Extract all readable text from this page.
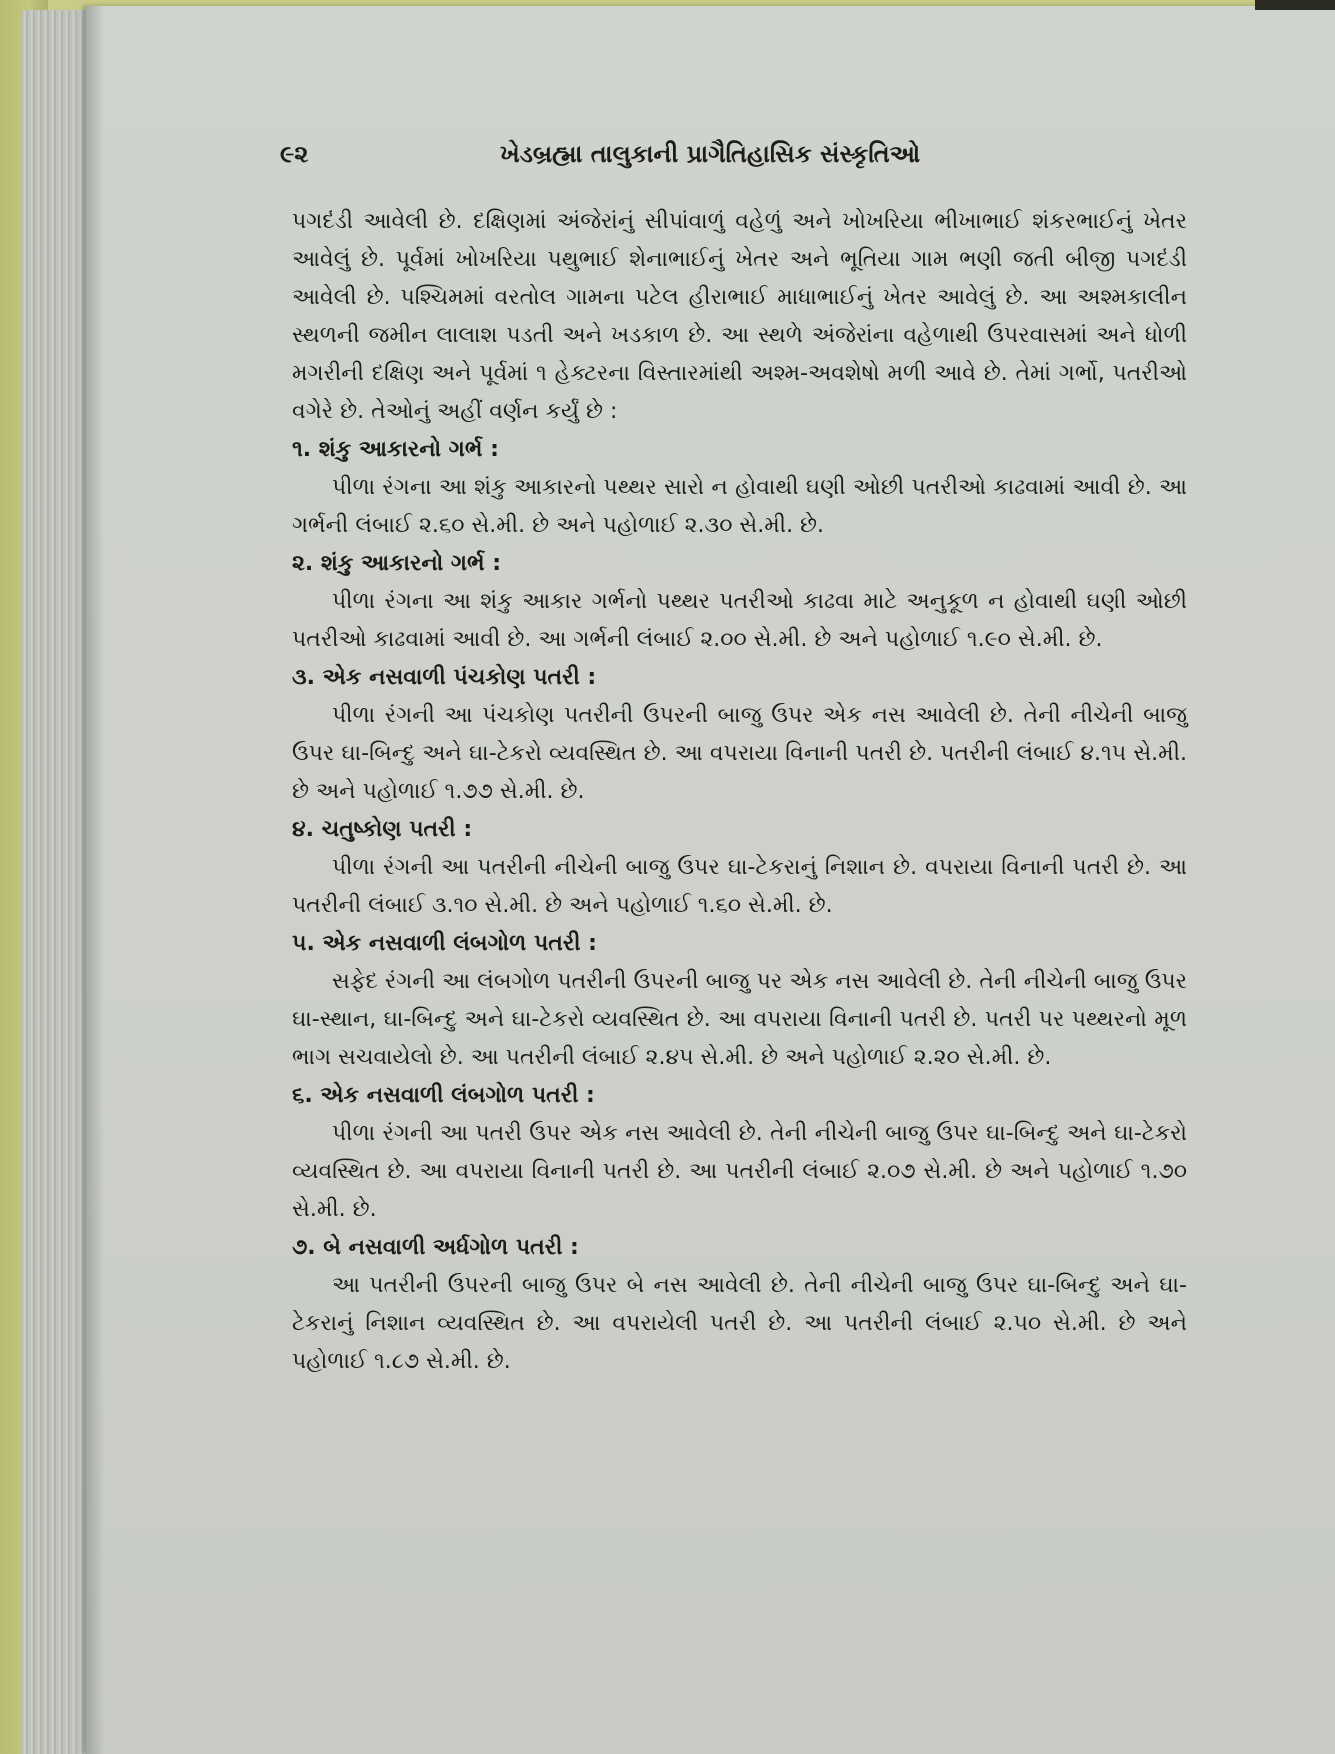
૯૨	ખેડબ્રહ્મા તાલુકાની પ્રાગૈતિહાસિક સંસ્કૃતિઓ

પગદંડી આવેલી છે. દક્ષિણમાં અંજેરાંનું સીપાંવાળું વહેળું અને ખોખરિયા ભીખાભાઈ શંકરભાઈનું ખેતર આવેલું છે. પૂર્વમાં ખોખરિયા પથુભાઈ શેનાભાઈનું ખેતર અને ભૂતિયા ગામ ભણી જતી બીજી પગદંડી આવેલી છે. પશ્ચિમમાં વરતોલ ગામના પટેલ હીરાભાઈ માધાભાઈનું ખેતર આવેલું છે. આ અશ્મકાલીન સ્થળની જમીન લાલાશ પડતી અને ખડકાળ છે. આ સ્થળે અંજેરાંના વહેળાથી ઉપરવાસમાં અને ધોળી મગરીની દક્ષિણ અને પૂર્વમાં ૧ હેક્ટરના વિસ્તારમાંથી અશ્મ-અવશેષો મળી આવે છે. તેમાં ગર્ભો, પતરીઓ વગેરે છે. તેઓનું અહીં વર્ણન કર્યું છે :

૧. શંકુ આકારનો ગર્ભ :

પીળા રંગના આ શંકુ આકારનો પથ્થર સારો ન હોવાથી ઘણી ઓછી પતરીઓ કાઢવામાં આવી છે. આ ગર્ભની લંબાઈ ૨.૬૦ સે.મી. છે અને પહોળાઈ ૨.૩૦ સે.મી. છે.

૨. શંકુ આકારનો ગર્ભ :

પીળા રંગના આ શંકુ આકાર ગર્ભનો પથ્થર પતરીઓ કાઢવા માટે અનુકૂળ ન હોવાથી ઘણી ઓછી પતરીઓ કાઢવામાં આવી છે. આ ગર્ભની લંબાઈ ૨.૦૦ સે.મી. છે અને પહોળાઈ ૧.૯૦ સે.મી. છે.

૩. એક નસવાળી પંચકોણ પતરી :

પીળા રંગની આ પંચકોણ પતરીની ઉપરની બાજુ ઉપર એક નસ આવેલી છે. તેની નીચેની બાજુ ઉપર ઘા-બિન્દુ અને ઘા-ટેકરો વ્યવસ્થિત છે. આ વપરાયા વિનાની પતરી છે. પતરીની લંબાઈ ૪.૧૫ સે.મી. છે અને પહોળાઈ ૧.૭૭ સે.મી. છે.

૪. ચતુષ્કોણ પતરી :

પીળા રંગની આ પતરીની નીચેની બાજુ ઉપર ઘા-ટેકરાનું નિશાન છે. વપરાયા વિનાની પતરી છે. આ પતરીની લંબાઈ ૩.૧૦ સે.મી. છે અને પહોળાઈ ૧.૬૦ સે.મી. છે.

૫. એક નસવાળી લંબગોળ પતરી :

સફેદ રંગની આ લંબગોળ પતરીની ઉપરની બાજુ પર એક નસ આવેલી છે. તેની નીચેની બાજુ ઉપર ઘા-સ્થાન, ઘા-બિન્દુ અને ઘા-ટેકરો વ્યવસ્થિત છે. આ વપરાયા વિનાની પતરી છે. પતરી પર પથ્થરનો મૂળ ભાગ સચવાયેલો છે. આ પતરીની લંબાઈ ૨.૪૫ સે.મી. છે અને પહોળાઈ ૨.૨૦ સે.મી. છે.

૬. એક નસવાળી લંબગોળ પતરી :

પીળા રંગની આ પતરી ઉપર એક નસ આવેલી છે. તેની નીચેની બાજુ ઉપર ઘા-બિન્દુ અને ઘા-ટેકરો વ્યવસ્થિત છે. આ વપરાયા વિનાની પતરી છે. આ પતરીની લંબાઈ ૨.૦૭ સે.મી. છે અને પહોળાઈ ૧.૭૦ સે.મી. છે.

૭. બે નસવાળી અર્ધગોળ પતરી :

આ પતરીની ઉપરની બાજુ ઉપર બે નસ આવેલી છે. તેની નીચેની બાજુ ઉપર ઘા-બિન્દુ અને ઘા-ટેકરાનું નિશાન વ્યવસ્થિત છે. આ વપરાયેલી પતરી છે. આ પતરીની લંબાઈ ૨.૫૦ સે.મી. છે અને પહોળાઈ ૧.૮૭ સે.મી. છે.
